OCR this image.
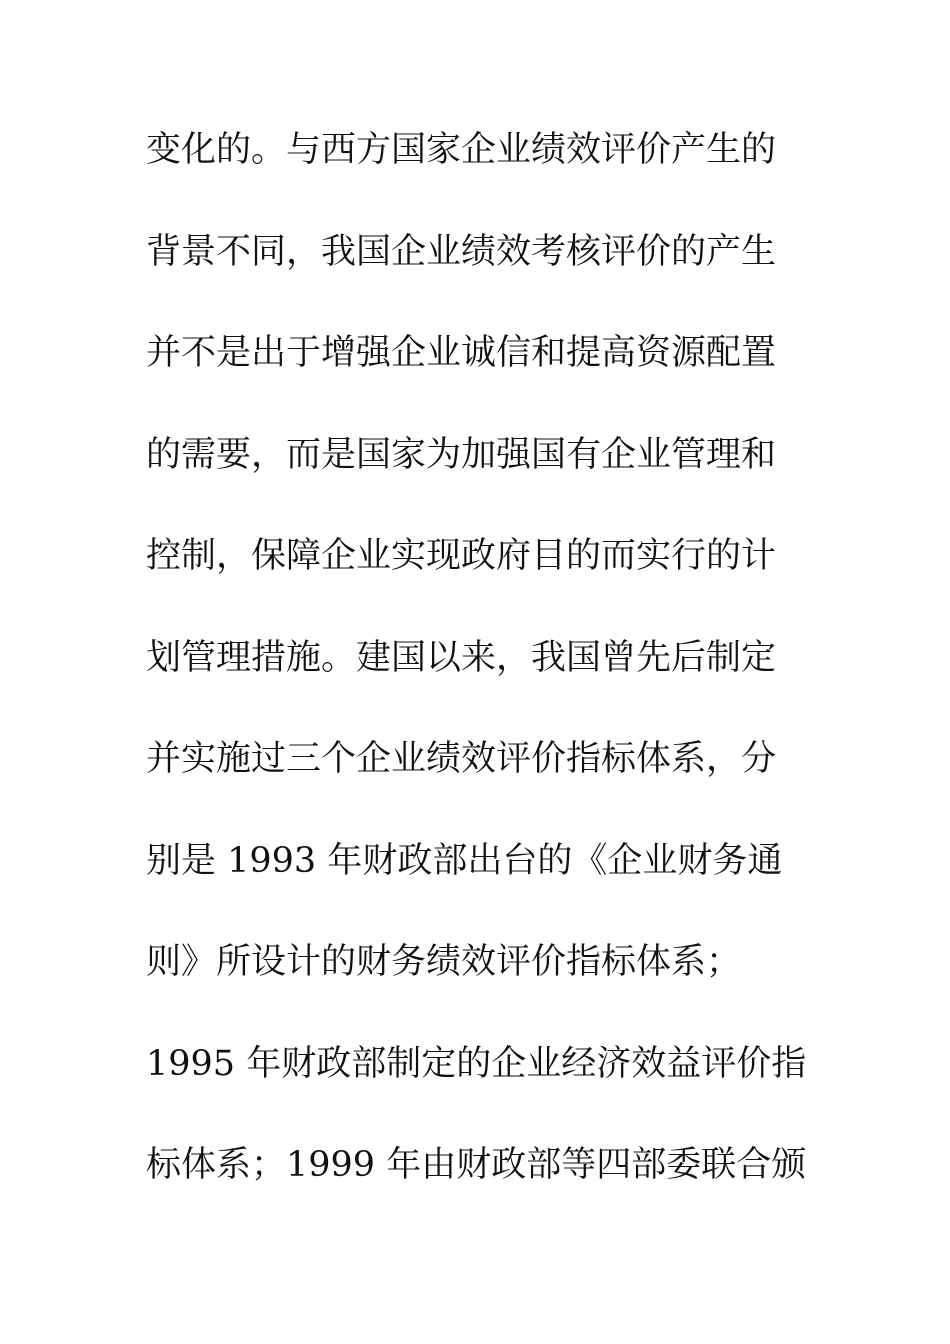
变化的。与西方国家企业绩效评价产生的
背景不同，我国企业绩效考核评价的产生
并不是出于增强企业诚信和提高资源配置
的需要，而是国家为加强国有企业管理和
控制，保障企业实现政府目的而实行的计
划管理措施。建国以来，我国曾先后制定
并实施过三个企业绩效评价指标体系，分
别是 1993 年财政部出台的《企业财务通
则》所设计的财务绩效评价指标体系；
1995 年财政部制定的企业经济效益评价指
标体系；1999 年由财政部等四部委联合颁
